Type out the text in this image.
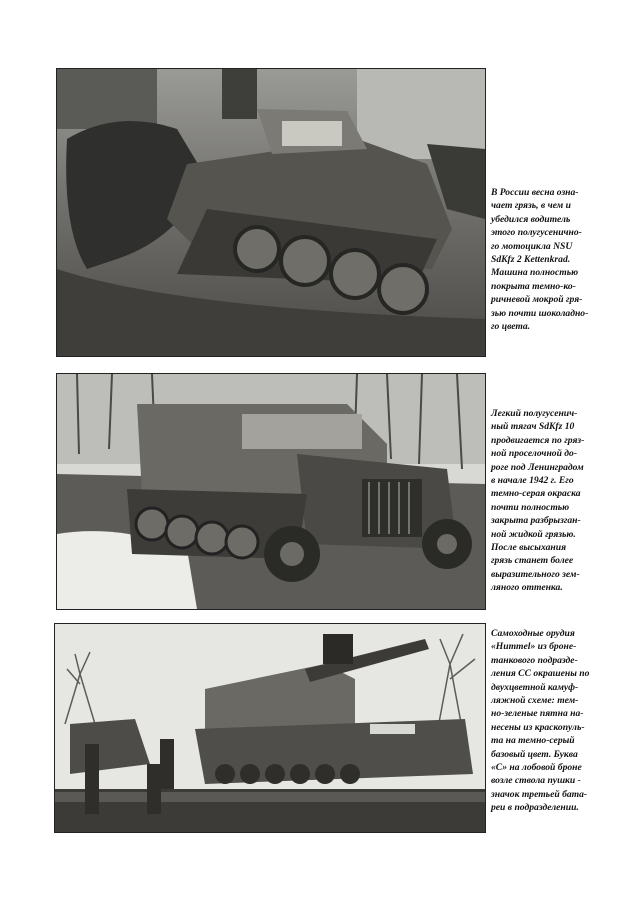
В России весна озна-
чает грязь, в чем и
убедился водитель
этого полугусенично-
го мотоцикла NSU
SdKfz 2 Kettenkrad.
Машина полностью
покрыта темно-ко-
ричневой мокрой гря-
зью почти шоколадно-
го цвета.
Легкий полугусенич-
ный тягач SdKfz 10
продвигается по гряз-
ной проселочной до-
роге под Ленинградом
в начале 1942 г. Его
темно-серая окраска
почти полностью
закрыта разбрызган-
ной жидкой грязью.
После высыхания
грязь станет более
выразительного зем-
ляного оттенка.
Самоходные орудия
«Hummel» из броне-
танкового подразде-
ления СС окрашены по
двухцветной камуф-
ляжной схеме: тем-
но-зеленые пятна на-
несены из краскопуль-
та на темно-серый
базовый цвет. Буква
«С» на лобовой броне
возле ствола пушки -
значок третьей бата-
реи в подразделении.
